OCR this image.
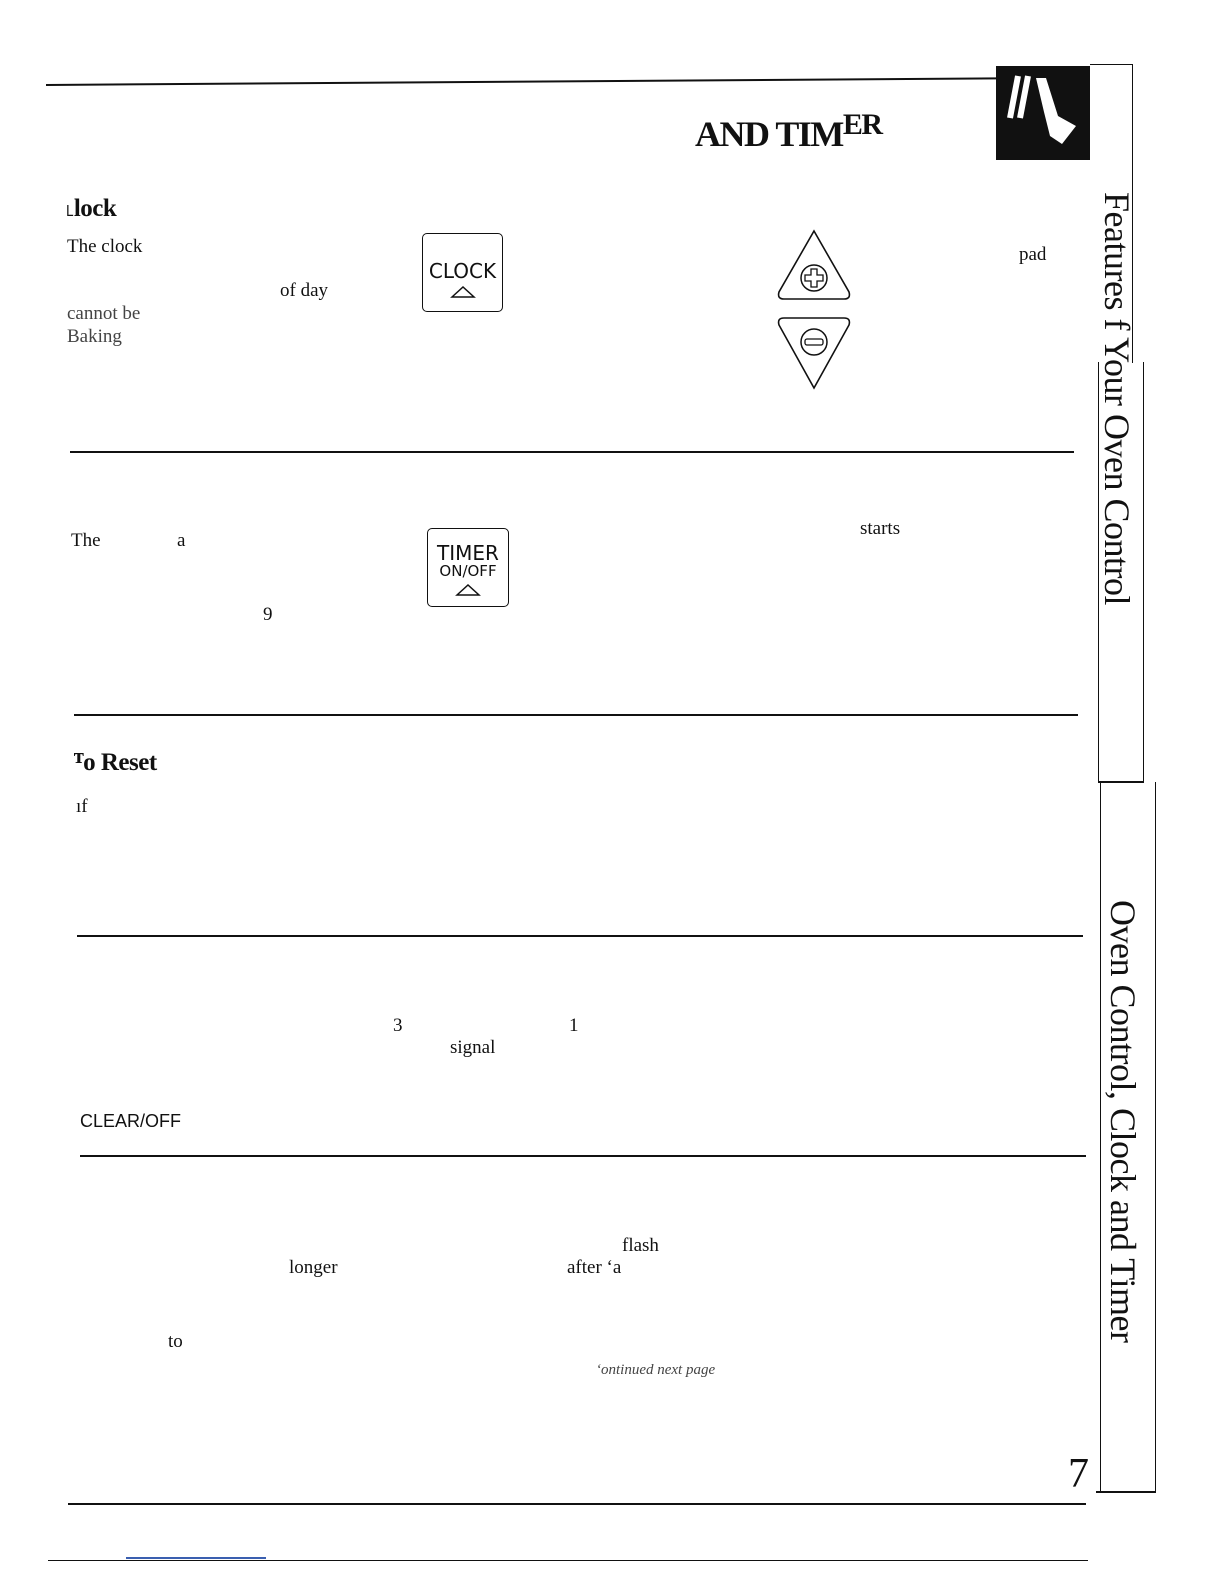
AND $TIM^{ER}$
Features f Your Oven Control
Oven Control, Clock and Timer
˪lock
The clock
of day
cannot be
Baking
pad
CLOCK
The	a
9
starts
TIMER
ON/OFF
ᵀo Reset
ıf
3	1
signal
CLEAR/OFF
flash
longer	after ʻa
to
ʻontinued next page
7
